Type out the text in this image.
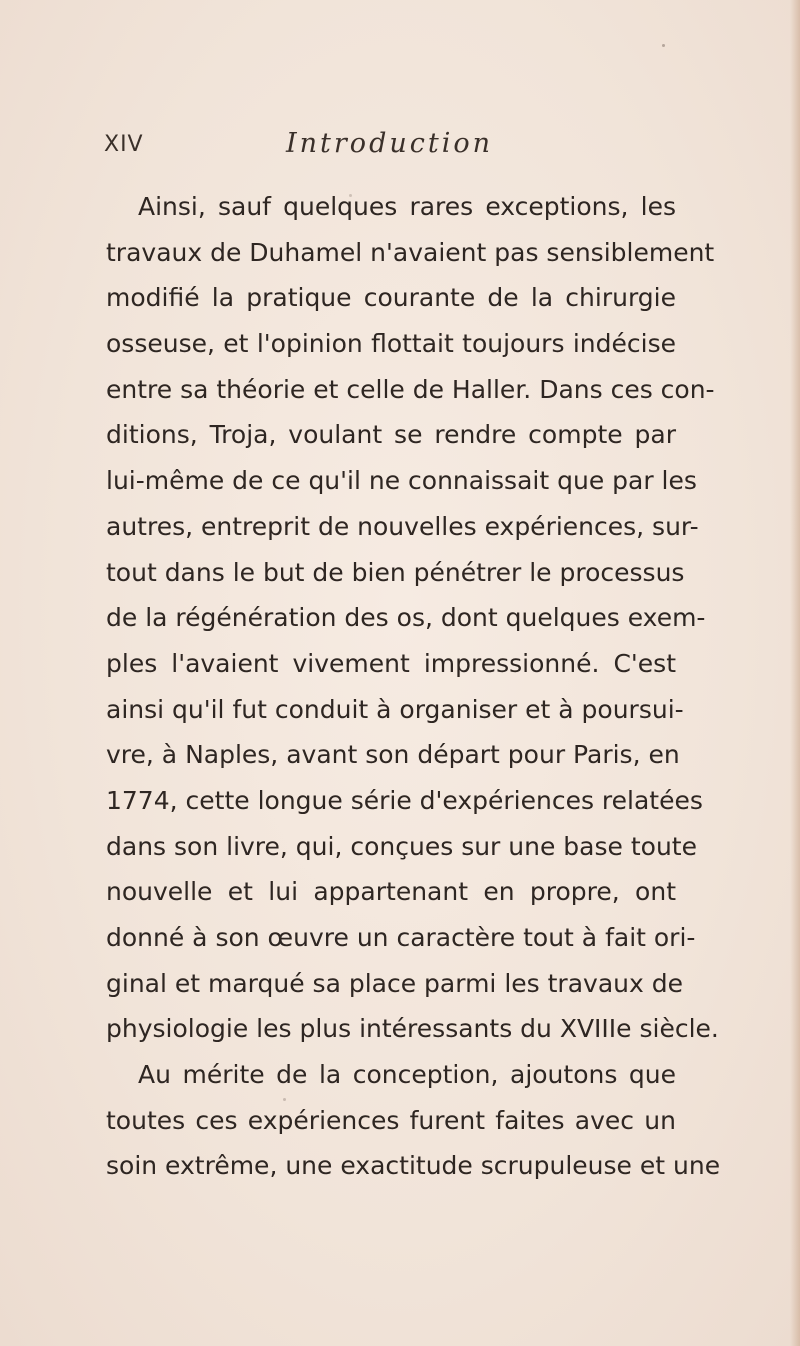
XIV	Introduction
Ainsi, sauf quelques rares exceptions, les
travaux de Duhamel n'avaient pas sensiblement
modifié la pratique courante de la chirurgie
osseuse, et l'opinion flottait toujours indécise
entre sa théorie et celle de Haller. Dans ces con-
ditions, Troja, voulant se rendre compte par
lui-même de ce qu'il ne connaissait que par les
autres, entreprit de nouvelles expériences, sur-
tout dans le but de bien pénétrer le processus
de la régénération des os, dont quelques exem-
ples l'avaient vivement impressionné. C'est
ainsi qu'il fut conduit à organiser et à poursui-
vre, à Naples, avant son départ pour Paris, en
1774, cette longue série d'expériences relatées
dans son livre, qui, conçues sur une base toute
nouvelle et lui appartenant en propre, ont
donné à son œuvre un caractère tout à fait ori-
ginal et marqué sa place parmi les travaux de
physiologie les plus intéressants du XVIIIe siècle.
Au mérite de la conception, ajoutons que
toutes ces expériences furent faites avec un
soin extrême, une exactitude scrupuleuse et une
